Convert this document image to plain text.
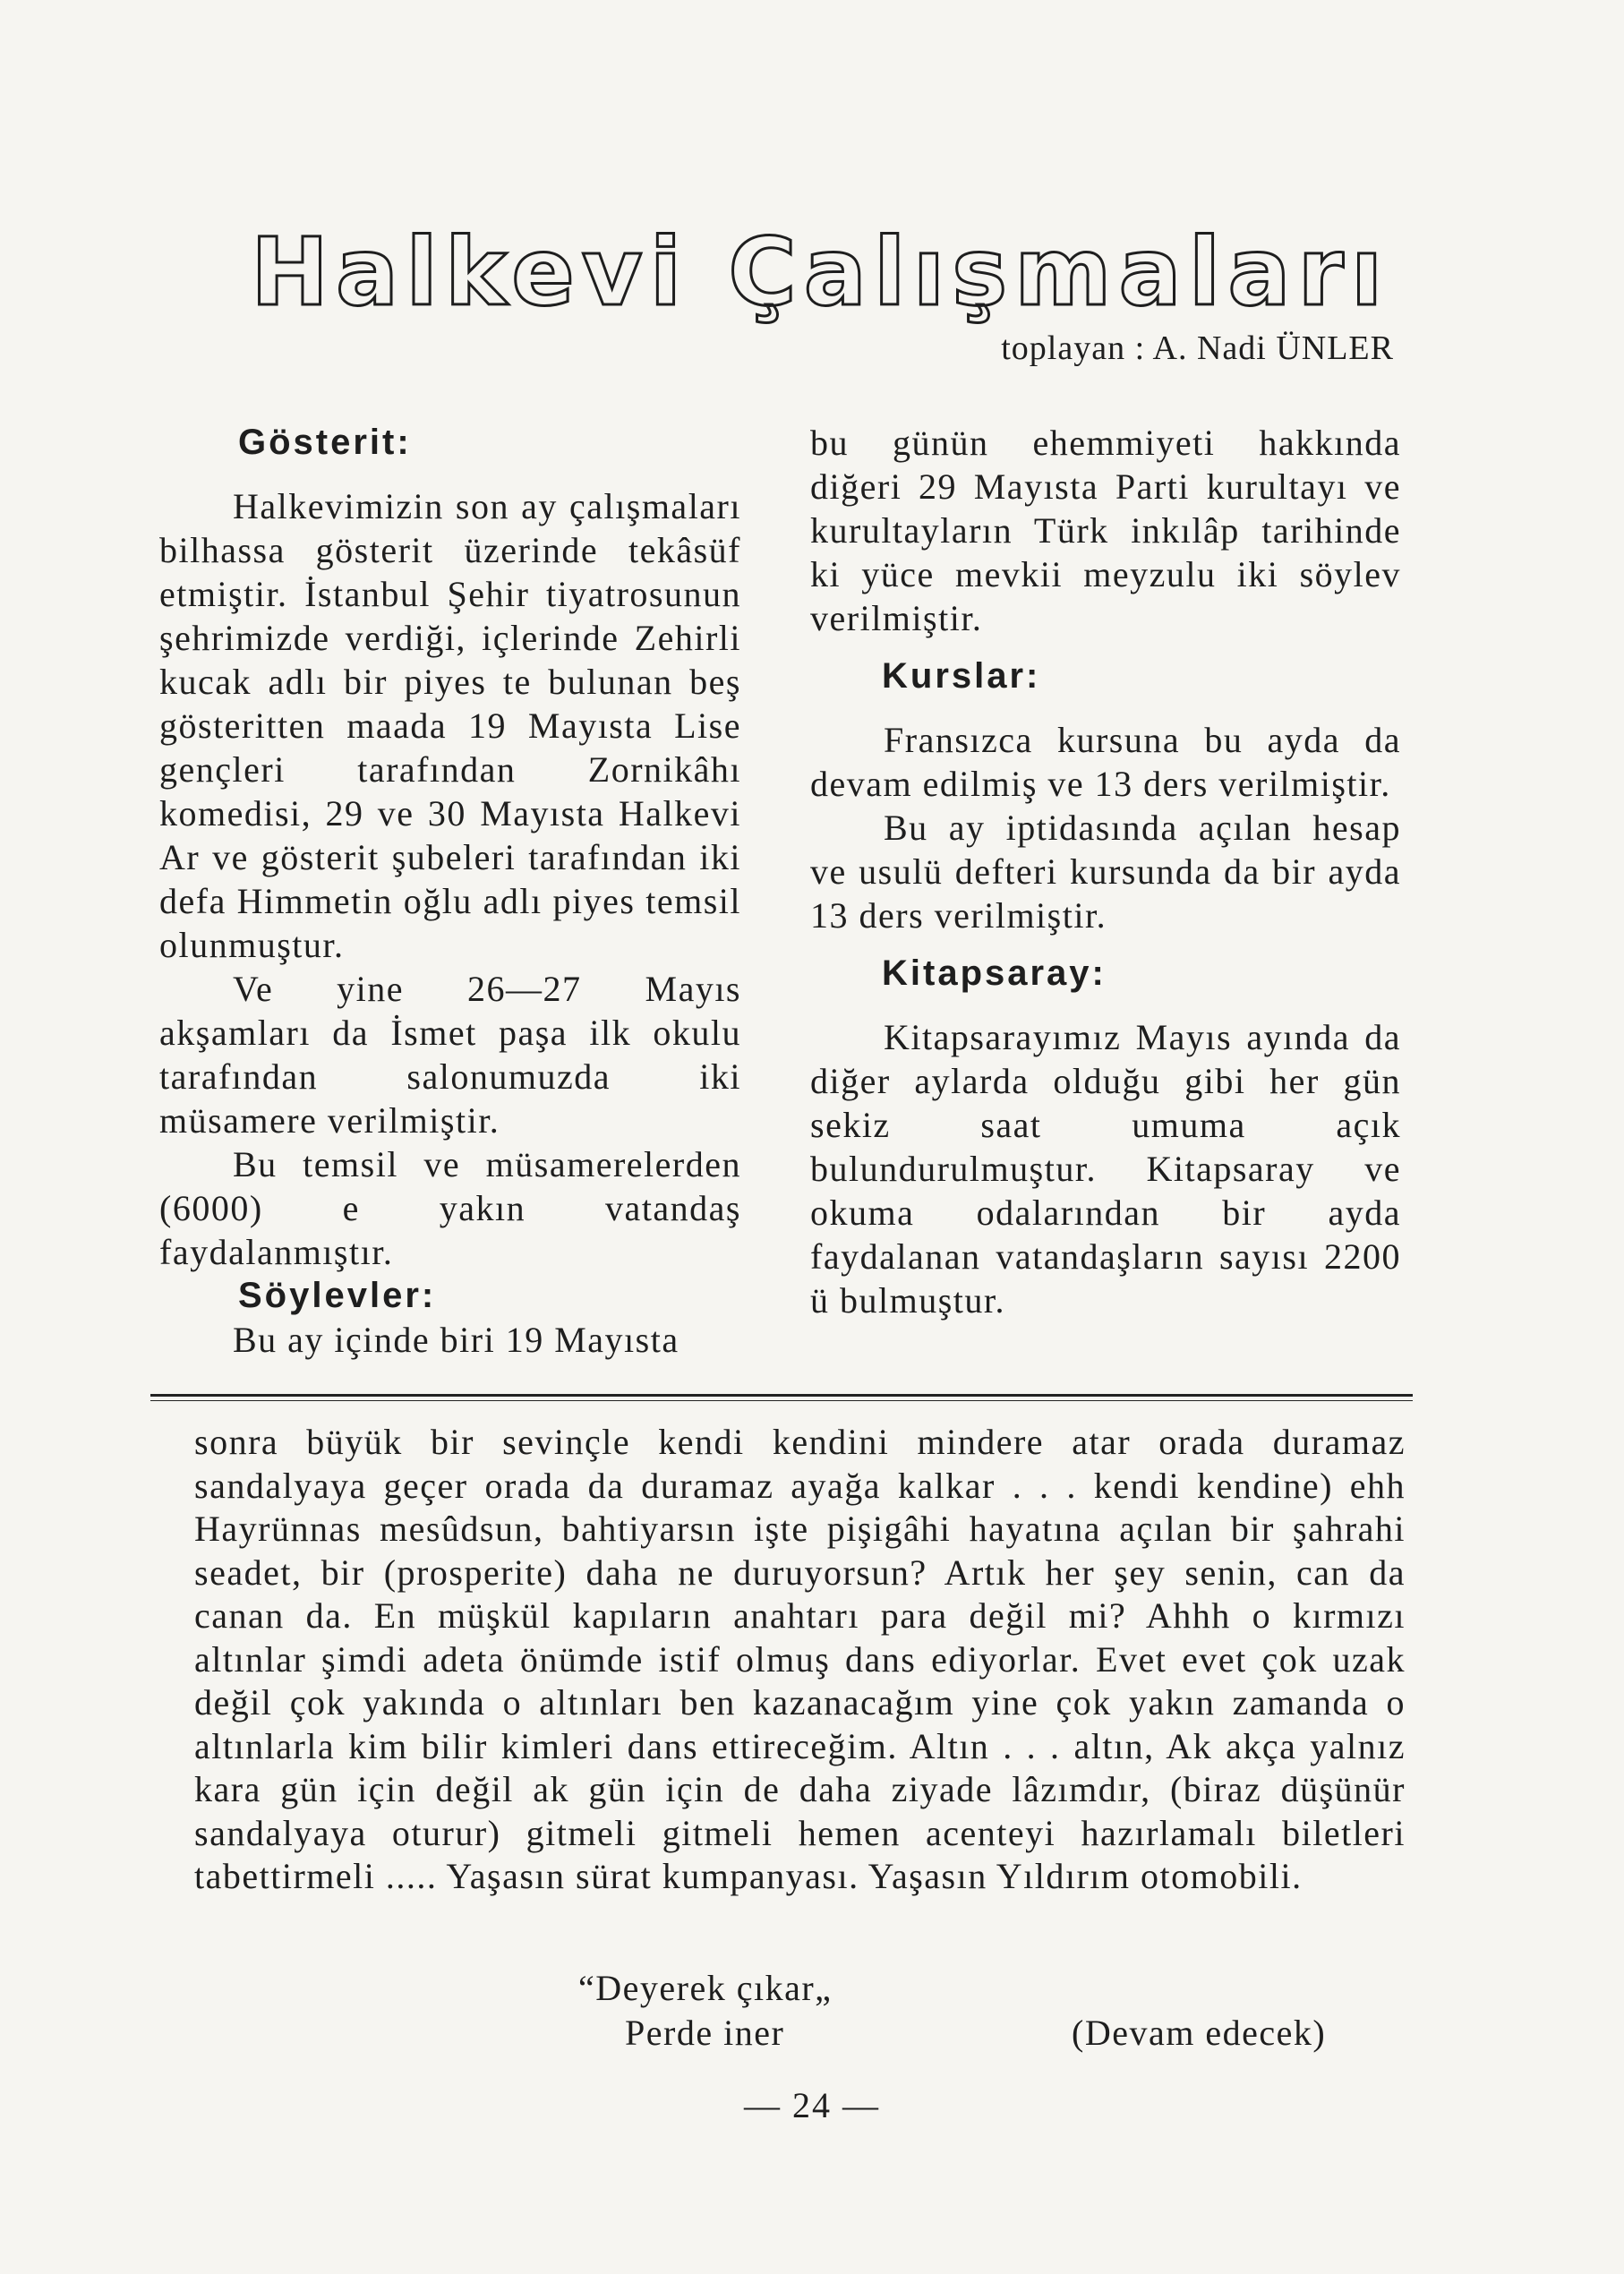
Halkevi Çalışmaları
toplayan : A. Nadi ÜNLER
Gösterit:

Halkevimizin son ay çalışmaları bilhassa gösterit üzerinde tekâsüf etmiştir. İstanbul Şehir tiyatrosunun şehrimizde verdiği, içlerinde Zehirli kucak adlı bir piyes te bulunan beş gösteritten maada 19 Mayısta Lise gençleri tarafından Zornikâhı komedisi, 29 ve 30 Mayısta Halkevi Ar ve gösterit şubeleri tarafından iki defa Himmetin oğlu adlı piyes temsil olunmuştur.

Ve yine 26—27 Mayıs akşamları da İsmet paşa ilk okulu tarafından salonumuzda iki müsamere verilmiştir.

Bu temsil ve müsamerelerden (6000) e yakın vatandaş faydalanmıştır.

Söylevler:

Bu ay içinde biri 19 Mayısta

bu günün ehemmiyeti hakkında diğeri 29 Mayısta Parti kurultayı ve kurultayların Türk inkılâp tarihinde ki yüce mevkii meyzulu iki söylev verilmiştir.

Kurslar:

Fransızca kursuna bu ayda da devam edilmiş ve 13 ders verilmiştir.

Bu ay iptidasında açılan hesap ve usulü defteri kursunda da bir ayda 13 ders verilmiştir.

Kitapsaray:

Kitapsarayımız Mayıs ayında da diğer aylarda olduğu gibi her gün sekiz saat umuma açık bulundurulmuştur. Kitapsaray ve okuma odalarından bir ayda faydalanan vatandaşların sayısı 2200 ü bulmuştur.

sonra büyük bir sevinçle kendi kendini mindere atar orada duramaz sandalyaya geçer orada da duramaz ayağa kalkar . . . kendi kendine) ehh Hayrünnas mesûdsun, bahtiyarsın işte pişigâhi hayatına açılan bir şahrahi seadet, bir (prosperite) daha ne duruyorsun? Artık her şey senin, can da canan da. En müşkül kapıların anahtarı para değil mi? Ahhh o kırmızı altınlar şimdi adeta önümde istif olmuş dans ediyorlar. Evet evet çok uzak değil çok yakında o altınları ben kazanacağım yine çok yakın zamanda o altınlarla kim bilir kimleri dans ettireceğim. Altın . . . altın, Ak akça yalnız kara gün için değil ak gün için de daha ziyade lâzımdır, (biraz düşünür sandalyaya oturur) gitmeli gitmeli hemen acenteyi hazırlamalı biletleri tabettirmeli ..... Yaşasın sürat kumpanyası. Yaşasın Yıldırım otomobili.

“Deyerek çıkar„
Perde iner	(Devam edecek)
— 24 —
